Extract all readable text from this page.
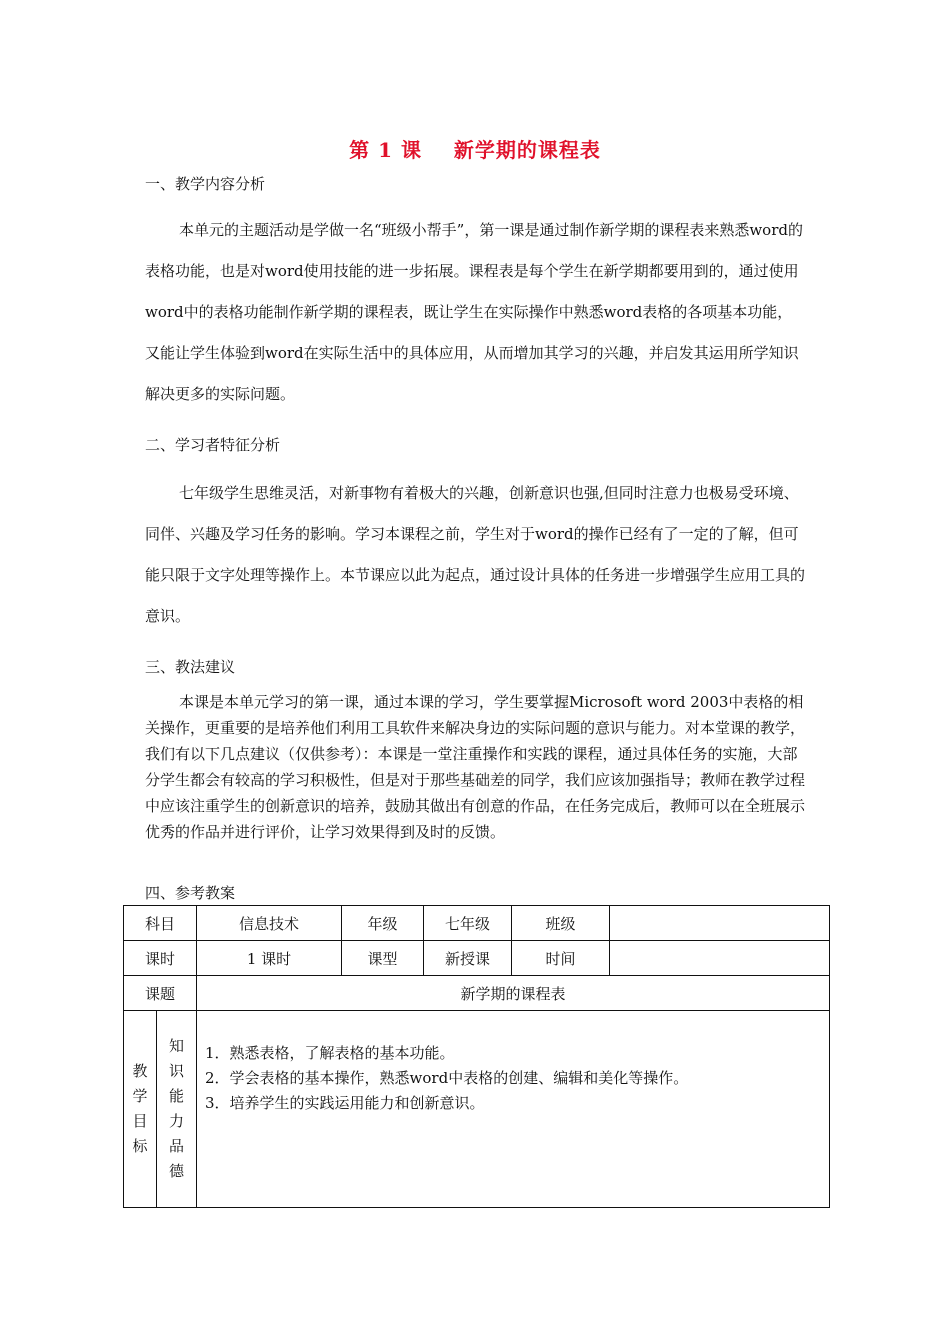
第 1 课    新学期的课程表
一、教学内容分析

本单元的主题活动是学做一名“班级小帮手”，第一课是通过制作新学期的课程表来熟悉word的表格功能，也是对word使用技能的进一步拓展。课程表是每个学生在新学期都要用到的，通过使用word中的表格功能制作新学期的课程表，既让学生在实际操作中熟悉word表格的各项基本功能，又能让学生体验到word在实际生活中的具体应用，从而增加其学习的兴趣，并启发其运用所学知识解决更多的实际问题。

二、学习者特征分析

七年级学生思维灵活，对新事物有着极大的兴趣，创新意识也强,但同时注意力也极易受环境、同伴、兴趣及学习任务的影响。学习本课程之前，学生对于word的操作已经有了一定的了解，但可能只限于文字处理等操作上。本节课应以此为起点，通过设计具体的任务进一步增强学生应用工具的意识。

三、教法建议

本课是本单元学习的第一课，通过本课的学习，学生要掌握Microsoft word 2003中表格的相关操作，更重要的是培养他们利用工具软件来解决身边的实际问题的意识与能力。对本堂课的教学，我们有以下几点建议（仅供参考）：本课是一堂注重操作和实践的课程，通过具体任务的实施，大部分学生都会有较高的学习积极性，但是对于那些基础差的同学，我们应该加强指导；教师在教学过程中应该注重学生的创新意识的培养，鼓励其做出有创意的作品，在任务完成后，教师可以在全班展示优秀的作品并进行评价，让学习效果得到及时的反馈。

四、参考教案
科目		信息技术	年级	七年级	班级	
课时		1 课时	课型	新授课	时间	
课题		新学期的课程表				
教学目标	知识能力品德	1．熟悉表格，了解表格的基本功能。
2．学会表格的基本操作，熟悉word中表格的创建、编辑和美化等操作。
3．培养学生的实践运用能力和创新意识。				
